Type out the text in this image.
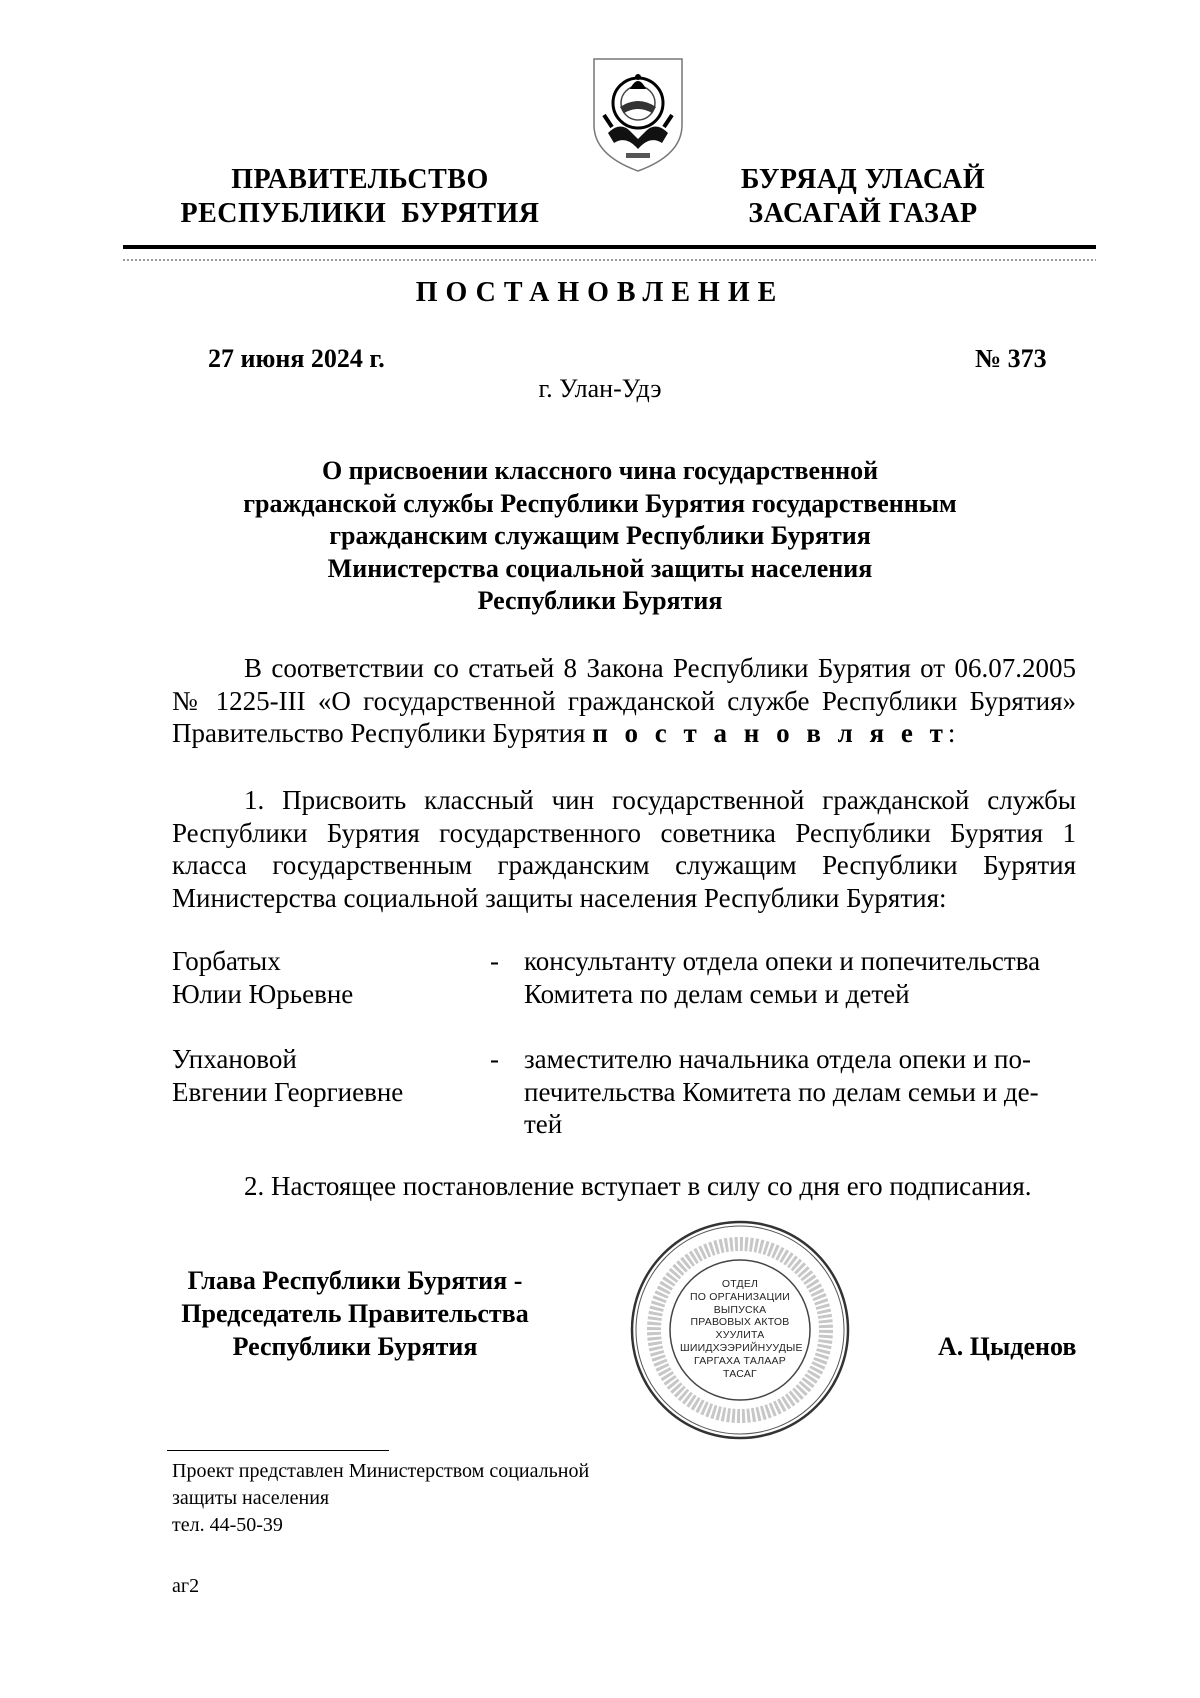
ПРАВИТЕЛЬСТВО
РЕСПУБЛИКИ  БУРЯТИЯ
БУРЯАД УЛАСАЙ
ЗАСАГАЙ ГАЗАР
ПОСТАНОВЛЕНИЕ
27 июня 2024 г.	№ 373
г. Улан-Удэ
О присвоении классного чина государственной
гражданской службы Республики Бурятия государственным
гражданским служащим Республики Бурятия
Министерства социальной защиты населения
Республики Бурятия

В соответствии со статьей 8 Закона Республики Бурятия от 06.07.2005 № 1225-III «О государственной гражданской службе Республики Бурятия» Правительство Республики Бурятия п о с т а н о в л я е т:

1. Присвоить классный чин государственной гражданской службы Республики Бурятия государственного советника Республики Бурятия 1 класса государственным гражданским служащим Республики Бурятия Министерства социальной защиты населения Республики Бурятия:

Горбатых
Юлии Юрьевне
- консультанту отдела опеки и попечительства
Комитета по делам семьи и детей
Упхановой
Евгении Георгиевне
- заместителю начальника отдела опеки и по-
печительства Комитета по делам семьи и де-
тей
2. Настоящее постановление вступает в силу со дня его подписания.
Глава Республики Бурятия -
Председатель Правительства
Республики Бурятия	А. Цыденов
ОТДЕЛ
ПО ОРГАНИЗАЦИИ
ВЫПУСКА
ПРАВОВЫХ АКТОВ
ХУУЛИТА
ШИИДХЭЭРИЙНУУДЫЕ
ГАРГАХА ТАЛААР
ТАСАГ
Проект представлен Министерством социальной
защиты населения
тел. 44-50-39
аг2
